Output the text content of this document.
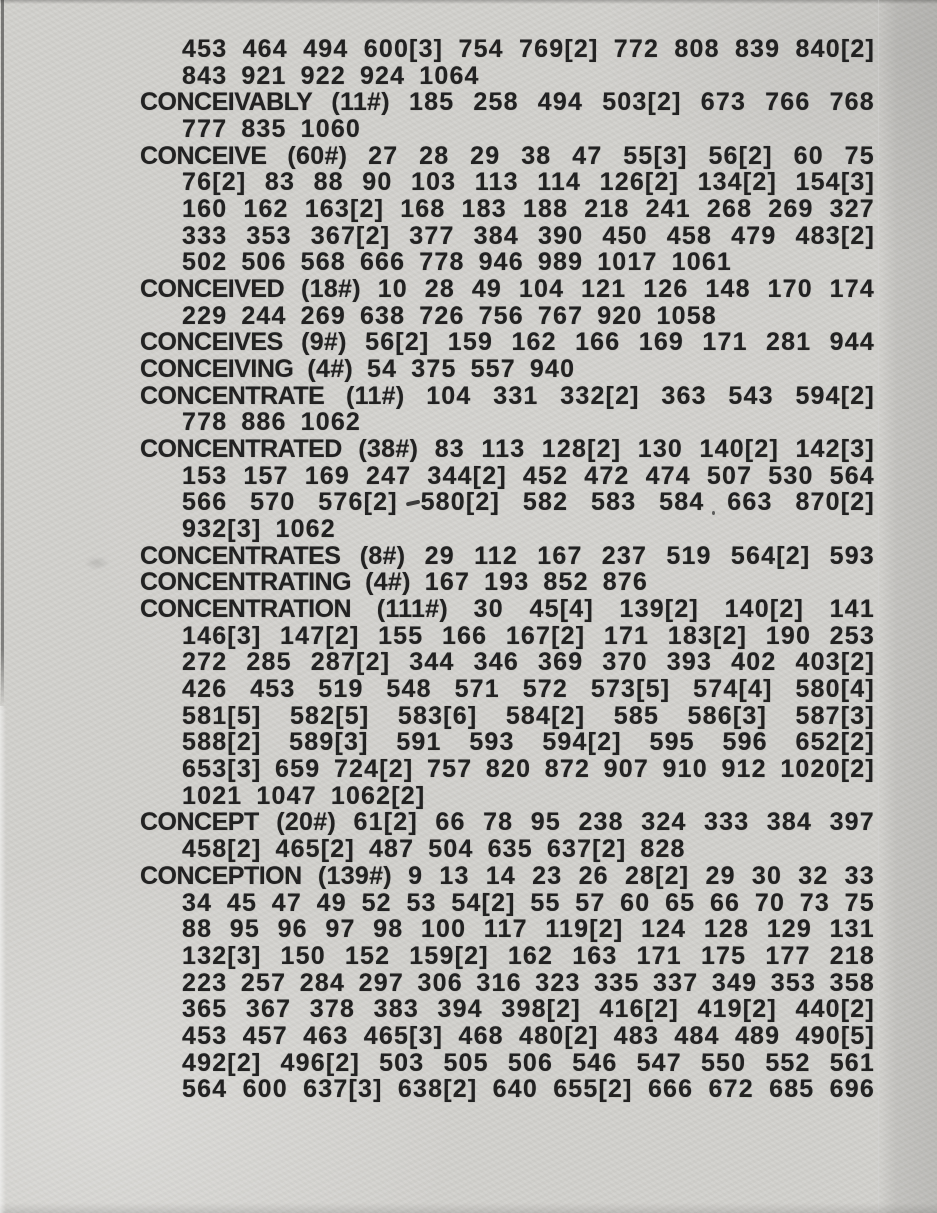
453 464 494 600[3] 754 769[2] 772 808 839 840[2]
843 921 922 924 1064
CONCEIVABLY (11#) 185 258 494 503[2] 673 766 768
777 835 1060
CONCEIVE (60#) 27 28 29 38 47 55[3] 56[2] 60 75
76[2] 83 88 90 103 113 114 126[2] 134[2] 154[3]
160 162 163[2] 168 183 188 218 241 268 269 327
333 353 367[2] 377 384 390 450 458 479 483[2]
502 506 568 666 778 946 989 1017 1061
CONCEIVED (18#) 10 28 49 104 121 126 148 170 174
229 244 269 638 726 756 767 920 1058
CONCEIVES (9#) 56[2] 159 162 166 169 171 281 944
CONCEIVING (4#) 54 375 557 940
CONCENTRATE (11#) 104 331 332[2] 363 543 594[2]
778 886 1062
CONCENTRATED (38#) 83 113 128[2] 130 140[2] 142[3]
153 157 169 247 344[2] 452 472 474 507 530 564
566 570 576[2] 580[2] 582 583 584 663 870[2]
932[3] 1062
CONCENTRATES (8#) 29 112 167 237 519 564[2] 593
CONCENTRATING (4#) 167 193 852 876
CONCENTRATION (111#) 30 45[4] 139[2] 140[2] 141
146[3] 147[2] 155 166 167[2] 171 183[2] 190 253
272 285 287[2] 344 346 369 370 393 402 403[2]
426 453 519 548 571 572 573[5] 574[4] 580[4]
581[5] 582[5] 583[6] 584[2] 585 586[3] 587[3]
588[2] 589[3] 591 593 594[2] 595 596 652[2]
653[3] 659 724[2] 757 820 872 907 910 912 1020[2]
1021 1047 1062[2]
CONCEPT (20#) 61[2] 66 78 95 238 324 333 384 397
458[2] 465[2] 487 504 635 637[2] 828
CONCEPTION (139#) 9 13 14 23 26 28[2] 29 30 32 33
34 45 47 49 52 53 54[2] 55 57 60 65 66 70 73 75
88 95 96 97 98 100 117 119[2] 124 128 129 131
132[3] 150 152 159[2] 162 163 171 175 177 218
223 257 284 297 306 316 323 335 337 349 353 358
365 367 378 383 394 398[2] 416[2] 419[2] 440[2]
453 457 463 465[3] 468 480[2] 483 484 489 490[5]
492[2] 496[2] 503 505 506 546 547 550 552 561
564 600 637[3] 638[2] 640 655[2] 666 672 685 696
